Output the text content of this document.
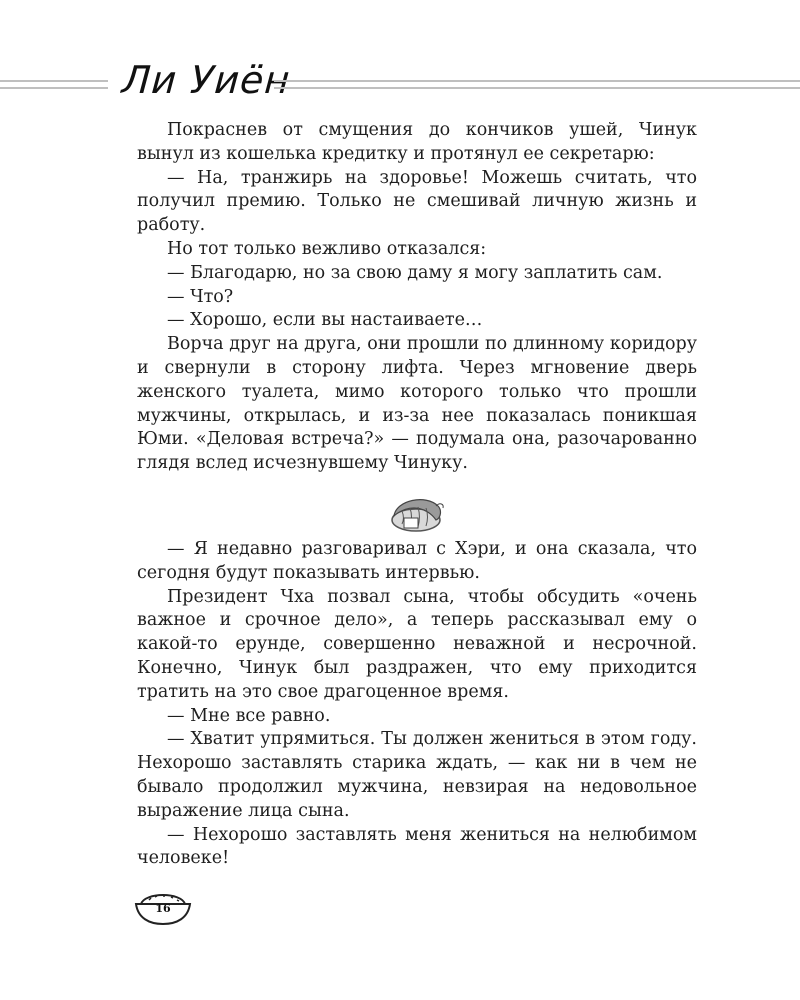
Ли Уиён

Покраснев от смущения до кончиков ушей, Чинук вынул из кошелька кредитку и протянул ее секретарю:

— На, транжирь на здоровье! Можешь считать, что получил премию. Только не смешивай личную жизнь и работу.

Но тот только вежливо отказался:

— Благодарю, но за свою даму я могу заплатить сам.

— Что?

— Хорошо, если вы настаиваете…

Ворча друг на друга, они прошли по длинному коридору и свернули в сторону лифта. Через мгновение дверь женского туалета, мимо которого только что прошли мужчины, открылась, и из-за нее показалась поникшая Юми. «Деловая встреча?» — подумала она, разочарованно глядя вслед исчезнувшему Чинуку.

— Я недавно разговаривал с Хэри, и она сказала, что сегодня будут показывать интервью.

Президент Чха позвал сына, чтобы обсудить «очень важное и срочное дело», а теперь рассказывал ему о какой-то ерунде, совершенно неважной и несрочной. Конечно, Чинук был раздражен, что ему приходится тратить на это свое драгоценное время.

— Мне все равно.

— Хватит упрямиться. Ты должен жениться в этом году. Нехорошо заставлять старика ждать, — как ни в чем не бывало продолжил мужчина, невзирая на недовольное выражение лица сына.

— Нехорошо заставлять меня жениться на нелюбимом человеке!

16
